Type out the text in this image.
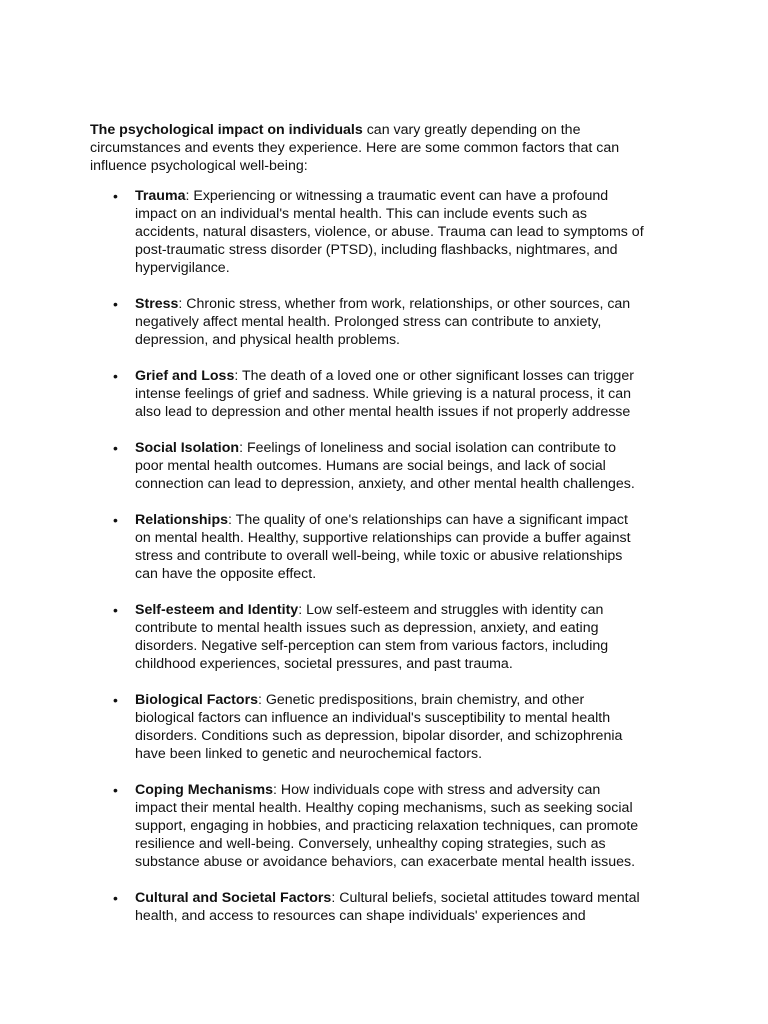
The psychological impact on individuals can vary greatly depending on the
circumstances and events they experience. Here are some common factors that can
influence psychological well-being:

• Trauma: Experiencing or witnessing a traumatic event can have a profound
impact on an individual's mental health. This can include events such as
accidents, natural disasters, violence, or abuse. Trauma can lead to symptoms of
post-traumatic stress disorder (PTSD), including flashbacks, nightmares, and
hypervigilance.
• Stress: Chronic stress, whether from work, relationships, or other sources, can
negatively affect mental health. Prolonged stress can contribute to anxiety,
depression, and physical health problems.
• Grief and Loss: The death of a loved one or other significant losses can trigger
intense feelings of grief and sadness. While grieving is a natural process, it can
also lead to depression and other mental health issues if not properly addresse
• Social Isolation: Feelings of loneliness and social isolation can contribute to
poor mental health outcomes. Humans are social beings, and lack of social
connection can lead to depression, anxiety, and other mental health challenges.
• Relationships: The quality of one's relationships can have a significant impact
on mental health. Healthy, supportive relationships can provide a buffer against
stress and contribute to overall well-being, while toxic or abusive relationships
can have the opposite effect.
• Self-esteem and Identity: Low self-esteem and struggles with identity can
contribute to mental health issues such as depression, anxiety, and eating
disorders. Negative self-perception can stem from various factors, including
childhood experiences, societal pressures, and past trauma.
• Biological Factors: Genetic predispositions, brain chemistry, and other
biological factors can influence an individual's susceptibility to mental health
disorders. Conditions such as depression, bipolar disorder, and schizophrenia
have been linked to genetic and neurochemical factors.
• Coping Mechanisms: How individuals cope with stress and adversity can
impact their mental health. Healthy coping mechanisms, such as seeking social
support, engaging in hobbies, and practicing relaxation techniques, can promote
resilience and well-being. Conversely, unhealthy coping strategies, such as
substance abuse or avoidance behaviors, can exacerbate mental health issues.
• Cultural and Societal Factors: Cultural beliefs, societal attitudes toward mental
health, and access to resources can shape individuals' experiences and
